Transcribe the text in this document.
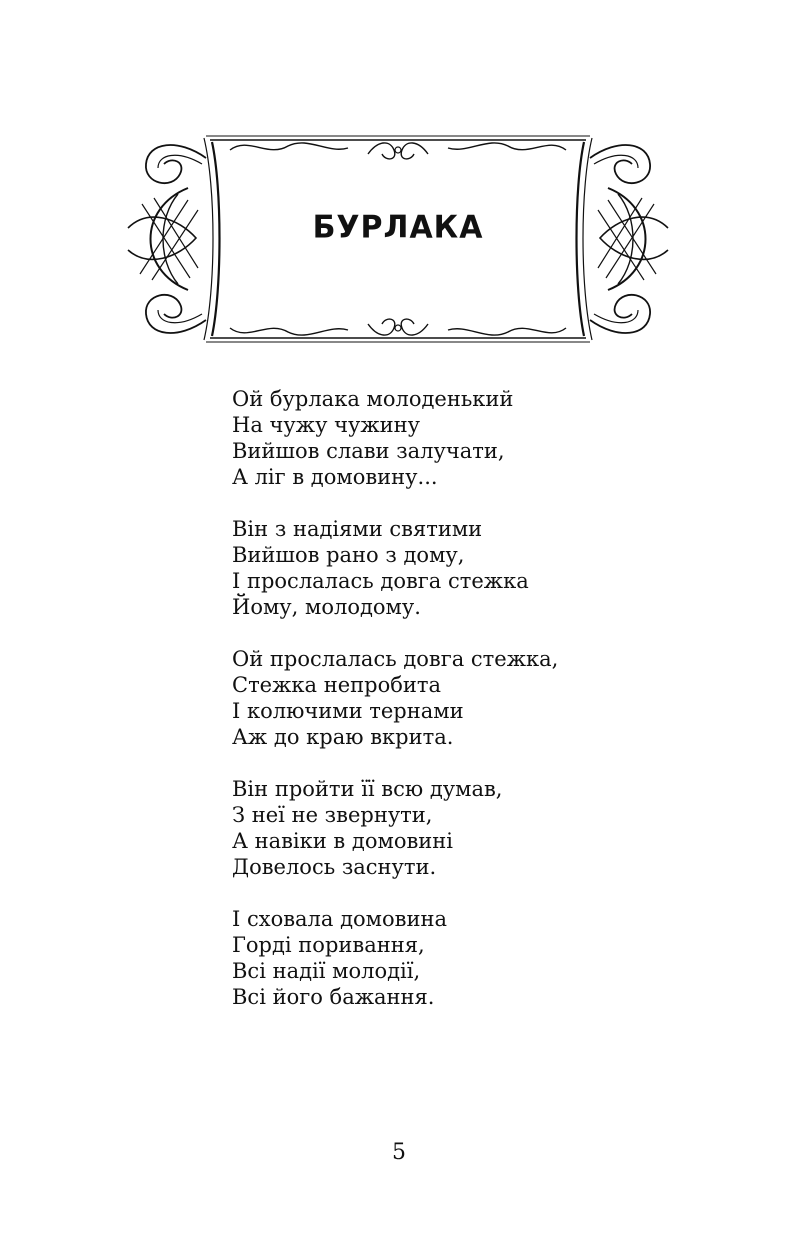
БУРЛАКА
Ой бурлака молоденький
На чужу чужину
Вийшов слави залучати,
А ліг в домовину...
Він з надіями святими
Вийшов рано з дому,
І прослалась довга стежка
Йому, молодому.
Ой прослалась довга стежка,
Стежка непробита
І колючими тернами
Аж до краю вкрита.
Він пройти її всю думав,
З неї не звернути,
А навіки в домовині
Довелось заснути.
І сховала домовина
Горді поривання,
Всі надії молодії,
Всі його бажання.
5
